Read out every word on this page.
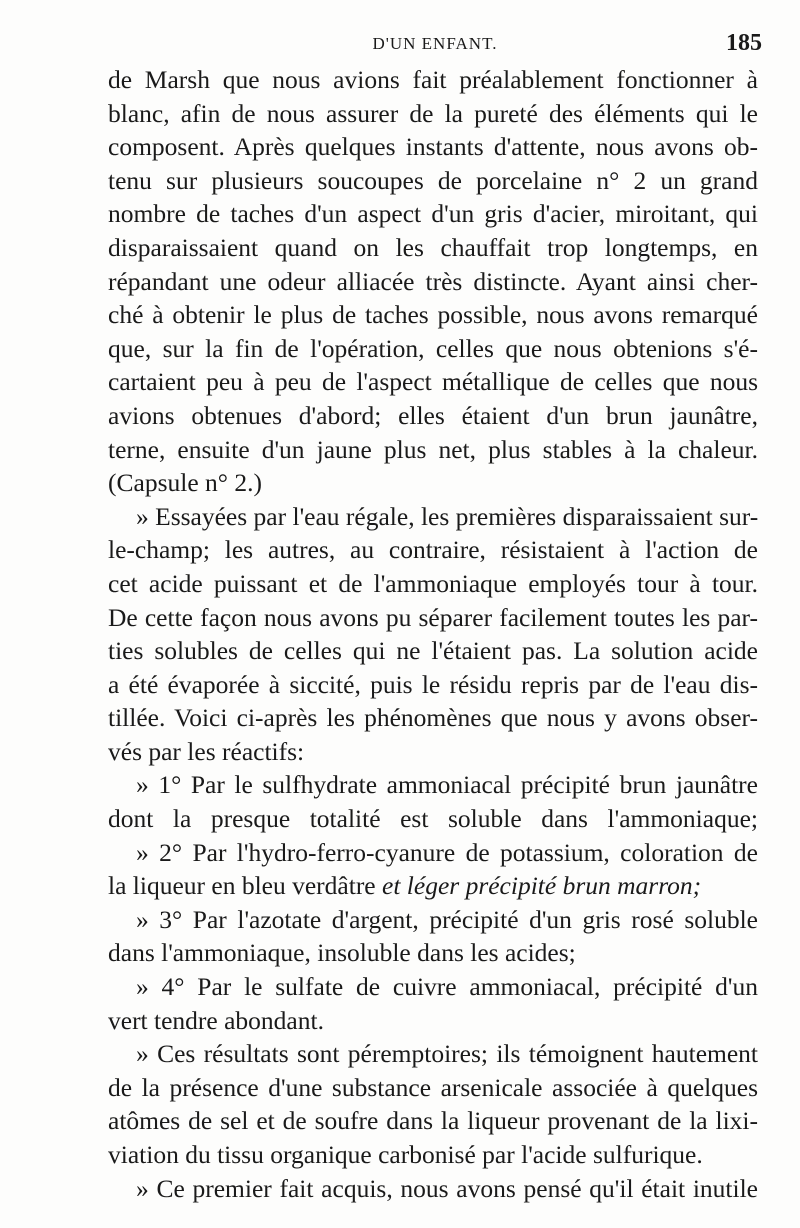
D'UN ENFANT.	185
de Marsh que nous avions fait préalablement fonctionner à
blanc, afin de nous assurer de la pureté des éléments qui le
composent. Après quelques instants d'attente, nous avons ob-
tenu sur plusieurs soucoupes de porcelaine n° 2 un grand
nombre de taches d'un aspect d'un gris d'acier, miroitant, qui
disparaissaient quand on les chauffait trop longtemps, en
répandant une odeur alliacée très distincte. Ayant ainsi cher-
ché à obtenir le plus de taches possible, nous avons remarqué
que, sur la fin de l'opération, celles que nous obtenions s'é-
cartaient peu à peu de l'aspect métallique de celles que nous
avions obtenues d'abord; elles étaient d'un brun jaunâtre,
terne, ensuite d'un jaune plus net, plus stables à la chaleur.
(Capsule n° 2.)
» Essayées par l'eau régale, les premières disparaissaient sur-
le-champ; les autres, au contraire, résistaient à l'action de
cet acide puissant et de l'ammoniaque employés tour à tour.
De cette façon nous avons pu séparer facilement toutes les par-
ties solubles de celles qui ne l'étaient pas. La solution acide
a été évaporée à siccité, puis le résidu repris par de l'eau dis-
tillée. Voici ci-après les phénomènes que nous y avons obser-
vés par les réactifs:
» 1° Par le sulfhydrate ammoniacal précipité brun jaunâtre
dont la presque totalité est soluble dans l'ammoniaque;
» 2° Par l'hydro-ferro-cyanure de potassium, coloration de
la liqueur en bleu verdâtre et léger précipité brun marron;
» 3° Par l'azotate d'argent, précipité d'un gris rosé soluble
dans l'ammoniaque, insoluble dans les acides;
» 4° Par le sulfate de cuivre ammoniacal, précipité d'un
vert tendre abondant.
» Ces résultats sont péremptoires; ils témoignent hautement
de la présence d'une substance arsenicale associée à quelques
atômes de sel et de soufre dans la liqueur provenant de la lixi-
viation du tissu organique carbonisé par l'acide sulfurique.
» Ce premier fait acquis, nous avons pensé qu'il était inutile
